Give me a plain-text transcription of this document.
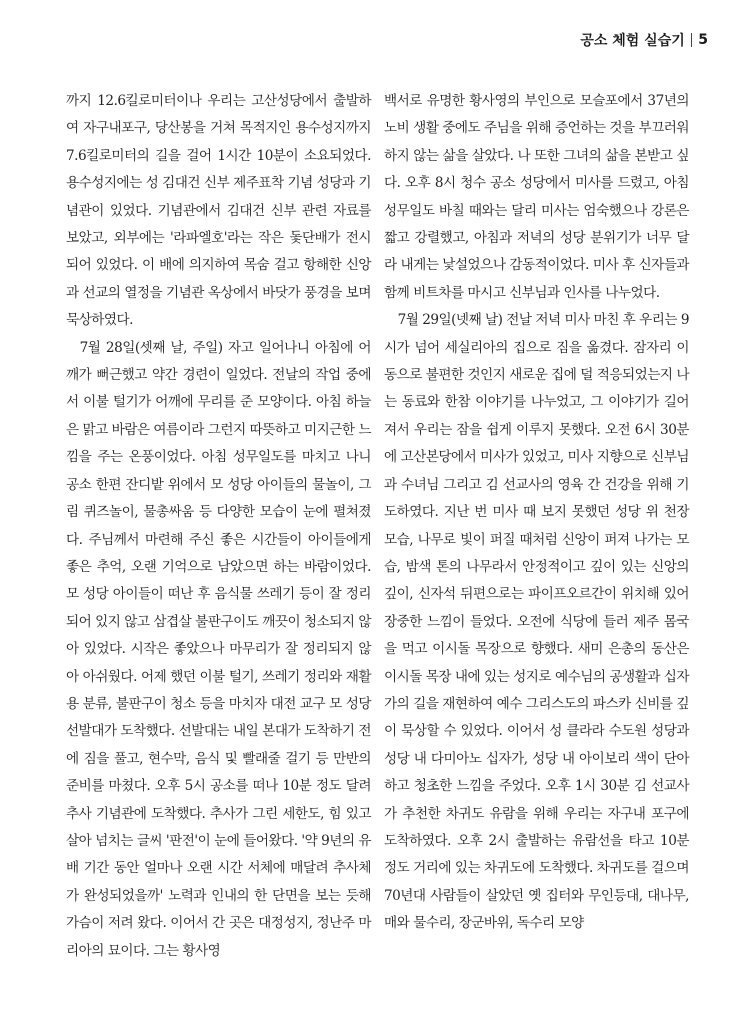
공소 체험 실습기 5

까지 12.6킬로미터이나 우리는 고산성당에서 출발하여 자구내포구, 당산봉을 거쳐 목적지인 용수성지까지 7.6킬로미터의 길을 걸어 1시간 10분이 소요되었다. 용수성지에는 성 김대건 신부 제주표착 기념 성당과 기념관이 있었다. 기념관에서 김대건 신부 관련 자료를 보았고, 외부에는 '라파엘호'라는 작은 돛단배가 전시되어 있었다. 이 배에 의지하여 목숨 걸고 항해한 신앙과 선교의 열정을 기념관 옥상에서 바닷가 풍경을 보며 묵상하였다.

7월 28일(셋째 날, 주일) 자고 일어나니 아침에 어깨가 뻐근했고 약간 경련이 일었다. 전날의 작업 중에서 이불 털기가 어깨에 무리를 준 모양이다. 아침 하늘은 맑고 바람은 여름이라 그런지 따뜻하고 미지근한 느낌을 주는 온풍이었다. 아침 성무일도를 마치고 나니 공소 한편 잔디밭 위에서 모 성당 아이들의 물놀이, 그림 퀴즈놀이, 물총싸움 등 다양한 모습이 눈에 펼쳐졌다. 주님께서 마련해 주신 좋은 시간들이 아이들에게 좋은 추억, 오랜 기억으로 남았으면 하는 바람이었다. 모 성당 아이들이 떠난 후 음식물 쓰레기 등이 잘 정리되어 있지 않고 삼겹살 불판구이도 깨끗이 청소되지 않아 있었다. 시작은 좋았으나 마무리가 잘 정리되지 않아 아쉬웠다. 어제 했던 이불 털기, 쓰레기 정리와 재활용 분류, 불판구이 청소 등을 마치자 대전 교구 모 성당 선발대가 도착했다. 선발대는 내일 본대가 도착하기 전에 짐을 풀고, 현수막, 음식 및 빨래줄 걸기 등 만반의 준비를 마쳤다. 오후 5시 공소를 떠나 10분 정도 달려 추사 기념관에 도착했다. 추사가 그린 세한도, 힘 있고 살아 넘치는 글씨 '판전'이 눈에 들어왔다. '약 9년의 유배 기간 동안 얼마나 오랜 시간 서체에 매달려 추사체가 완성되었을까' 노력과 인내의 한 단면을 보는 듯해 가슴이 저려 왔다. 이어서 간 곳은 대정성지, 정난주 마리아의 묘이다. 그는 황사영

백서로 유명한 황사영의 부인으로 모슬포에서 37년의 노비 생활 중에도 주님을 위해 증언하는 것을 부끄러워하지 않는 삶을 살았다. 나 또한 그녀의 삶을 본받고 싶다. 오후 8시 청수 공소 성당에서 미사를 드렸고, 아침 성무일도 바칠 때와는 달리 미사는 엄숙했으나 강론은 짧고 강렬했고, 아침과 저녁의 성당 분위기가 너무 달라 내게는 낯설었으나 감동적이었다. 미사 후 신자들과 함께 비트차를 마시고 신부님과 인사를 나누었다.

7월 29일(넷째 날) 전날 저녁 미사 마친 후 우리는 9시가 넘어 세실리아의 집으로 짐을 옮겼다. 잠자리 이동으로 불편한 것인지 새로운 집에 덜 적응되었는지 나는 동료와 한참 이야기를 나누었고, 그 이야기가 길어져서 우리는 잠을 쉽게 이루지 못했다. 오전 6시 30분에 고산본당에서 미사가 있었고, 미사 지향으로 신부님과 수녀님 그리고 김 선교사의 영육 간 건강을 위해 기도하였다. 지난 번 미사 때 보지 못했던 성당 위 천장 모습, 나무로 빛이 퍼질 때처럼 신앙이 퍼져 나가는 모습, 밤색 톤의 나무라서 안정적이고 깊이 있는 신앙의 깊이, 신자석 뒤편으로는 파이프오르간이 위치해 있어 장중한 느낌이 들었다. 오전에 식당에 들러 제주 몸국을 먹고 이시돌 목장으로 향했다. 새미 은총의 동산은 이시돌 목장 내에 있는 성지로 예수님의 공생활과 십자가의 길을 재현하여 예수 그리스도의 파스카 신비를 깊이 묵상할 수 있었다. 이어서 성 클라라 수도원 성당과 성당 내 다미아노 십자가, 성당 내 아이보리 색이 단아하고 청초한 느낌을 주었다. 오후 1시 30분 김 선교사가 추천한 차귀도 유람을 위해 우리는 자구내 포구에 도착하였다. 오후 2시 출발하는 유람선을 타고 10분 정도 거리에 있는 차귀도에 도착했다. 차귀도를 걸으며 70년대 사람들이 살았던 옛 집터와 무인등대, 대나무, 매와 물수리, 장군바위, 독수리 모양
